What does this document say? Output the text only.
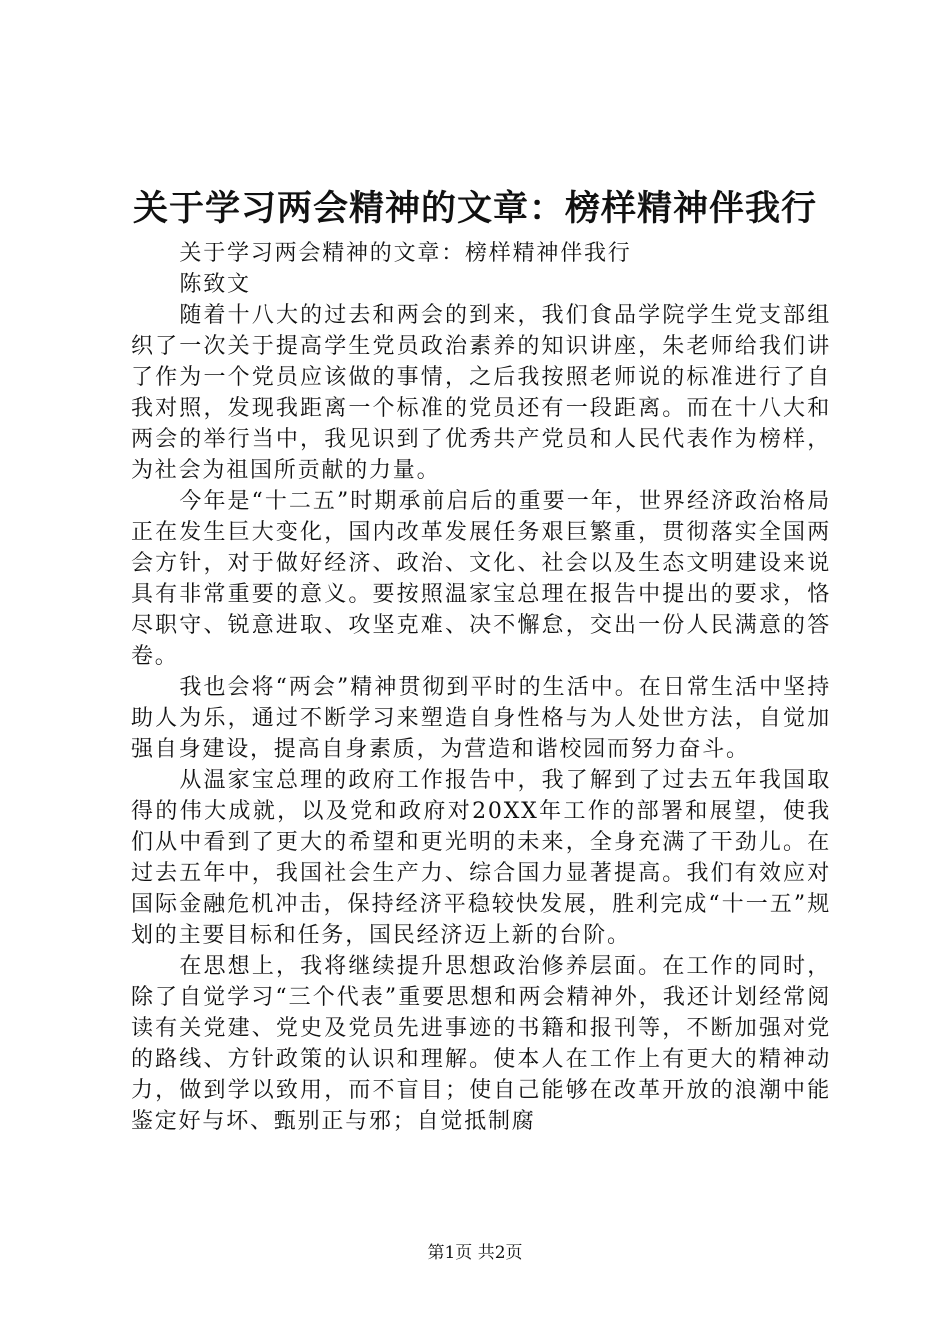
关于学习两会精神的文章：榜样精神伴我行

关于学习两会精神的文章：榜样精神伴我行

陈致文

随着十八大的过去和两会的到来，我们食品学院学生党支部组织了一次关于提高学生党员政治素养的知识讲座，朱老师给我们讲了作为一个党员应该做的事情，之后我按照老师说的标准进行了自我对照，发现我距离一个标准的党员还有一段距离。而在十八大和两会的举行当中，我见识到了优秀共产党员和人民代表作为榜样，为社会为祖国所贡献的力量。

今年是“十二五”时期承前启后的重要一年，世界经济政治格局正在发生巨大变化，国内改革发展任务艰巨繁重，贯彻落实全国两会方针，对于做好经济、政治、文化、社会以及生态文明建设来说具有非常重要的意义。要按照温家宝总理在报告中提出的要求，恪尽职守、锐意进取、攻坚克难、决不懈怠，交出一份人民满意的答卷。

我也会将“两会”精神贯彻到平时的生活中。在日常生活中坚持助人为乐，通过不断学习来塑造自身性格与为人处世方法，自觉加强自身建设，提高自身素质，为营造和谐校园而努力奋斗。

从温家宝总理的政府工作报告中，我了解到了过去五年我国取得的伟大成就，以及党和政府对20XX年工作的部署和展望，使我们从中看到了更大的希望和更光明的未来，全身充满了干劲儿。在过去五年中，我国社会生产力、综合国力显著提高。我们有效应对国际金融危机冲击，保持经济平稳较快发展，胜利完成“十一五”规划的主要目标和任务，国民经济迈上新的台阶。

在思想上，我将继续提升思想政治修养层面。在工作的同时，除了自觉学习“三个代表”重要思想和两会精神外，我还计划经常阅读有关党建、党史及党员先进事迹的书籍和报刊等，不断加强对党的路线、方针政策的认识和理解。使本人在工作上有更大的精神动力，做到学以致用，而不盲目；使自己能够在改革开放的浪潮中能鉴定好与坏、甄别正与邪；自觉抵制腐

第1页 共2页
